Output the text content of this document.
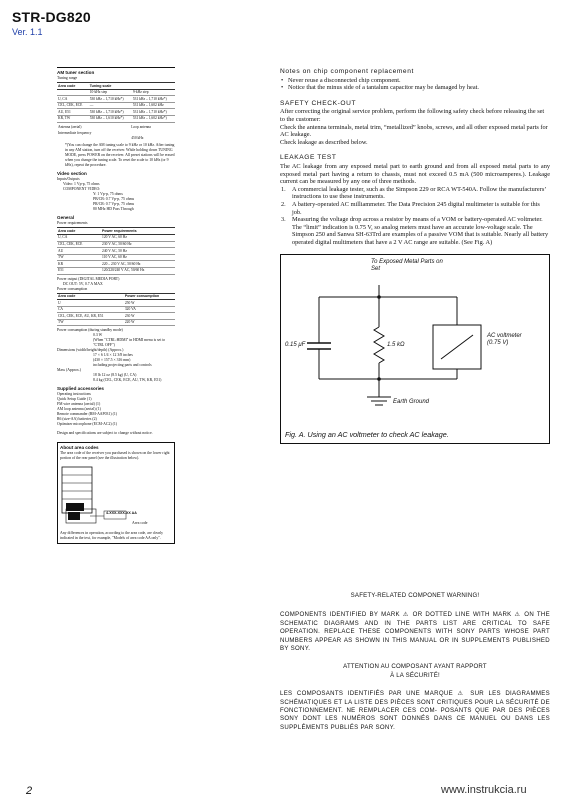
STR-DG820
Ver. 1.1
AM tuner section
Tuning range
Area code	Tuning scale	
	10-kHz step	9-kHz step
U, CA	530 kHz – 1,710 kHz*)	531 kHz – 1,710 kHz*)
CEL, CEK, ECE	—	531 kHz – 1,602 kHz
AU, E51	530 kHz – 1,710 kHz*)	531 kHz – 1,710 kHz*)
KR, TW	530 kHz – 1,610 kHz*)	531 kHz – 1,602 kHz*)
Antenna (aerial)	Loop antenna
Intermediate frequency	
	450 kHz
*)You can change the AM tuning scale to 9 kHz or 10 kHz. After tuning in any AM station, turn off the receiver. While holding down TUNING MODE, press POWER on the receiver. All preset stations will be erased when you change the tuning scale. To reset the scale to 10 kHz (or 9 kHz), repeat the procedure.
Video section
Inputs/Outputs
Video: 1 Vp-p, 75 ohms
COMPONENT VIDEO:
Y: 1 Vp-p, 75 ohms
PB/CB: 0.7 Vp-p, 75 ohms
PR/CR: 0.7 Vp-p, 75 ohms
80 MHz HD Pass Through
General
Power requirements
Area code	Power requirements
U, CA	120 V AC, 60 Hz
CEL, CEK, ECE	230 V AC, 50/60 Hz
AU	240 V AC, 50 Hz
TW	110 V AC, 60 Hz
KR	220 – 230 V AC, 50/60 Hz
E51	120/220/240 V AC, 50/60 Hz
Power output (DIGITAL MEDIA PORT)
DC OUT: 5V, 0.7 A MAX
Power consumption
Area code	Power consumption
U	250 W
CA	320 VA
CEL, CEK, ECE, AU, KR, E51	230 W
TW	220 W
Power consumption (during standby mode)
0.3 W
(When "CTRL:HDMI" in HDMI menu is set to "CTRL OFF")
Dimensions (width/height/depth) (Approx.)
17 × 6 1/4 × 12 3/8 inches
(430 × 157.5 × 316 mm)
including projecting parts and controls
Mass (Approx.)
18 lb 12 oz (8.5 kg) (U, CA)
8.4 kg (CEL, CEK, ECE, AU, TW, KR, E51)
Supplied accessories
Operating instructions
Quick Setup Guide (1)
FM wire antenna (aerial) (1)
AM loop antenna (aerial) (1)
Remote commander (RM-AAP031) (1)
R6 (size-AA) batteries (2)
Optimizer microphone (ECM-AC2) (1)
Design and specifications are subject to change without notice.
About area codes
The area code of the receiver you purchased is shown on the lower right portion of the rear panel (see the illustration below).
4-XXX-XXX-XX AA
Area code
Any differences in operation, according to the area code, are clearly indicated in the text, for example, "Models of area code AA only".
Notes on chip component replacement
• Never reuse a disconnected chip component.
• Notice that the minus side of a tantalum capacitor may be damaged by heat.
SAFETY CHECK-OUT
After correcting the original service problem, perform the following safety check before releasing the set to the customer:
Check the antenna terminals, metal trim, “metallized” knobs, screws, and all other exposed metal parts for AC leakage.
Check leakage as described below.
LEAKAGE TEST
The AC leakage from any exposed metal part to earth ground and from all exposed metal parts to any exposed metal part having a return to chassis, must not exceed 0.5 mA (500 microamperes.). Leakage current can be measured by any one of three methods.
1. A commercial leakage tester, such as the Simpson 229 or RCA WT-540A. Follow the manufacturers’ instructions to use these instruments.
2. A battery-operated AC milliammeter. The Data Precision 245 digital multimeter is suitable for this job.
3. Measuring the voltage drop across a resistor by means of a VOM or battery-operated AC voltmeter. The “limit” indication is 0.75 V, so analog meters must have an accurate low-voltage scale. The Simpson 250 and Sanwa SH-63Trd are examples of a passive VOM that is suitable. Nearly all battery operated digital multimeters that have a 2 V AC range are suitable. (See Fig. A)
To Exposed Metal Parts on Set
0.15 μF	1.5 kΩ
AC voltmeter (0.75 V)
Earth Ground
Fig. A. Using an AC voltmeter to check AC leakage.
SAFETY-RELATED COMPONET WARNING!

COMPONENTS IDENTIFIED BY MARK ⚠ OR DOTTED LINE WITH MARK ⚠ ON THE SCHEMATIC DIAGRAMS AND IN THE PARTS LIST ARE CRITICAL TO SAFE OPERATION. REPLACE THESE COMPONENTS WITH SONY PARTS WHOSE PART NUMBERS APPEAR AS SHOWN IN THIS MANUAL OR IN SUPPLEMENTS PUBLISHED BY SONY.

ATTENTION AU COMPOSANT AYANT RAPPORT
À LA SÉCURITÉ!

LES COMPOSANTS IDENTIFIÉS PAR UNE MARQUE ⚠ SUR LES DIAGRAMMES SCHÉMATIQUES ET LA LISTE DES PIÈCES SONT CRITIQUES POUR LA SÉCURITÉ DE FONCTIONNEMENT. NE REMPLACER CES COM- POSANTS QUE PAR DES PIÈCES SONY DONT LES NUMÉROS SONT DONNÉS DANS CE MANUEL OU DANS LES SUPPLÉMENTS PUBLIÉS PAR SONY.

2	www.instrukcia.ru
